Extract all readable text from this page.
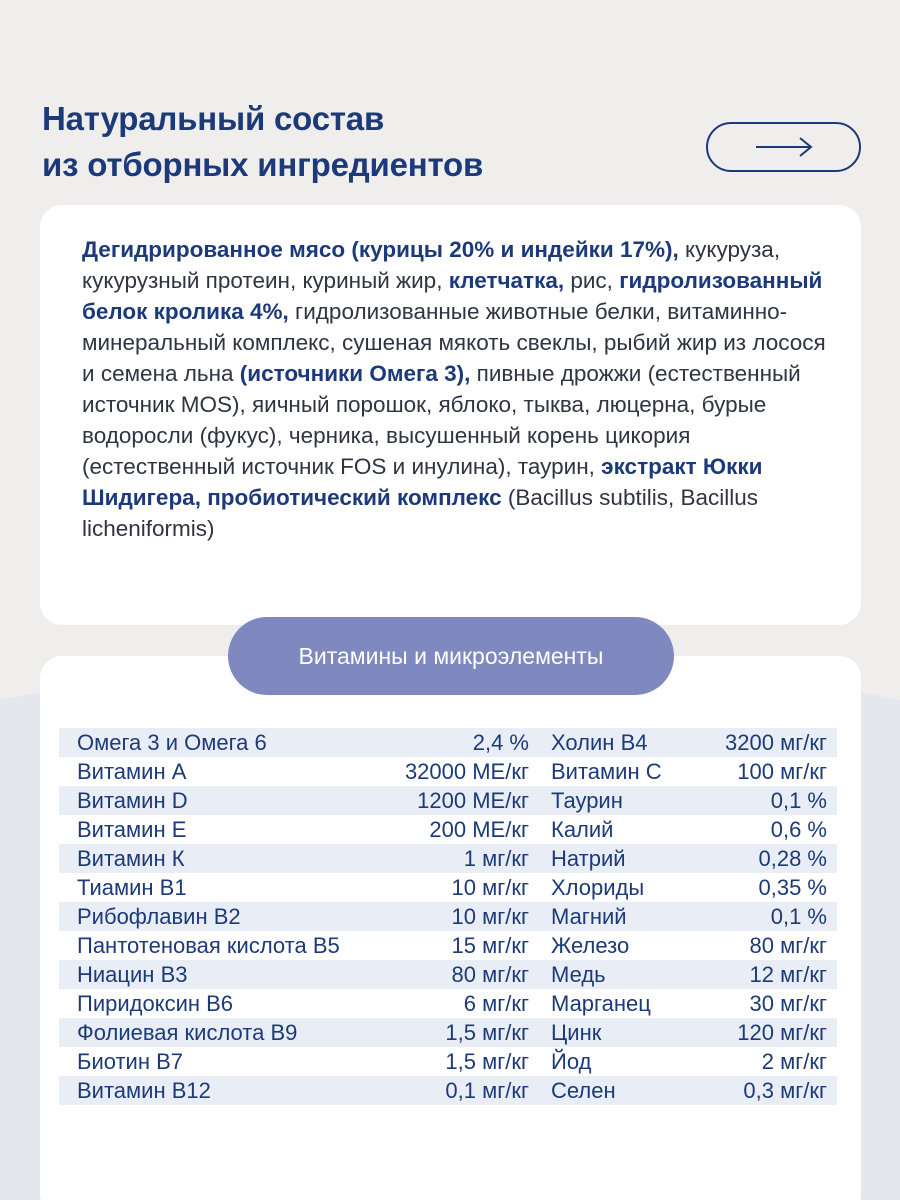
Натуральный состав
из отборных ингредиентов
Дегидрированное мясо (курицы 20% и индейки 17%), кукуруза, кукурузный протеин, куриный жир, клетчатка, рис, гидролизованный белок кролика 4%, гидролизованные животные белки, витаминно-минеральный комплекс, сушеная мякоть свеклы, рыбий жир из лосося и семена льна (источники Омега 3), пивные дрожжи (естественный источник MOS), яичный порошок, яблоко, тыква, люцерна, бурые водоросли (фукус), черника, высушенный корень цикория (естественный источник FOS и инулина), таурин, экстракт Юкки Шидигера, пробиотический комплекс (Bacillus subtilis, Bacillus licheniformis)
Витамины и микроэлементы
Омега 3 и Омега 6	2,4 %	Холин В4	3200 мг/кг
Витамин А	32000 МЕ/кг	Витамин С	100 мг/кг
Витамин D	1200 МЕ/кг	Таурин	0,1 %
Витамин Е	200 МЕ/кг	Калий	0,6 %
Витамин К	1 мг/кг	Натрий	0,28 %
Тиамин В1	10 мг/кг	Хлориды	0,35 %
Рибофлавин В2	10 мг/кг	Магний	0,1 %
Пантотеновая кислота В5	15 мг/кг	Железо	80 мг/кг
Ниацин В3	80 мг/кг	Медь	12 мг/кг
Пиридоксин В6	6 мг/кг	Марганец	30 мг/кг
Фолиевая кислота В9	1,5 мг/кг	Цинк	120 мг/кг
Биотин В7	1,5 мг/кг	Йод	2 мг/кг
Витамин В12	0,1 мг/кг	Селен	0,3 мг/кг
